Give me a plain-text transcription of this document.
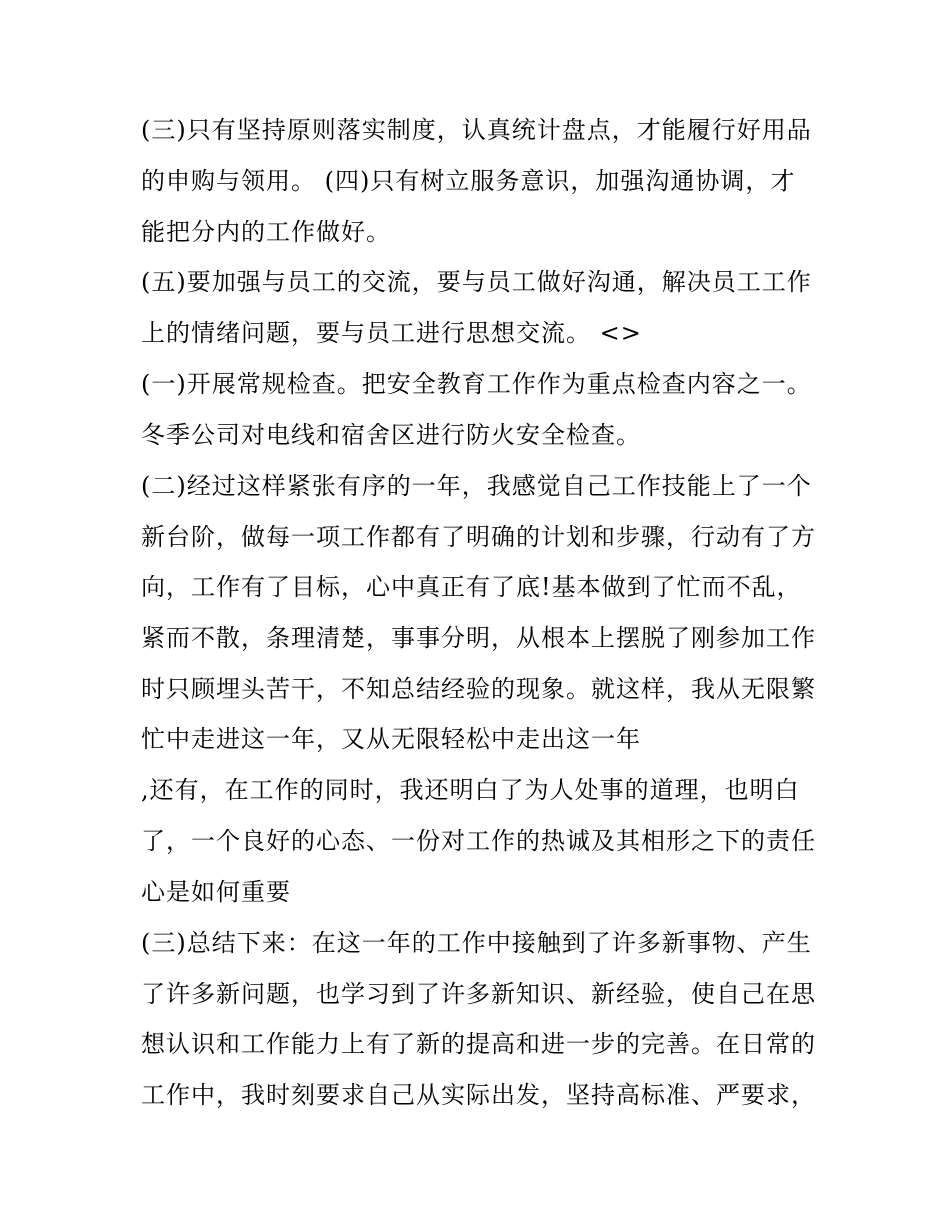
(三)只有坚持原则落实制度，认真统计盘点，才能履行好用品
的申购与领用。 (四)只有树立服务意识，加强沟通协调，才
能把分内的工作做好。
(五)要加强与员工的交流，要与员工做好沟通，解决员工工作
上的情绪问题，要与员工进行思想交流。 <>
(一)开展常规检查。把安全教育工作作为重点检查内容之一。
冬季公司对电线和宿舍区进行防火安全检查。
(二)经过这样紧张有序的一年，我感觉自己工作技能上了一个
新台阶，做每一项工作都有了明确的计划和步骤，行动有了方
向，工作有了目标，心中真正有了底!基本做到了忙而不乱，
紧而不散，条理清楚，事事分明，从根本上摆脱了刚参加工作
时只顾埋头苦干，不知总结经验的现象。就这样，我从无限繁
忙中走进这一年，又从无限轻松中走出这一年
,还有，在工作的同时，我还明白了为人处事的道理，也明白
了，一个良好的心态、一份对工作的热诚及其相形之下的责任
心是如何重要
(三)总结下来：在这一年的工作中接触到了许多新事物、产生
了许多新问题，也学习到了许多新知识、新经验，使自己在思
想认识和工作能力上有了新的提高和进一步的完善。在日常的
工作中，我时刻要求自己从实际出发，坚持高标准、严要求，
